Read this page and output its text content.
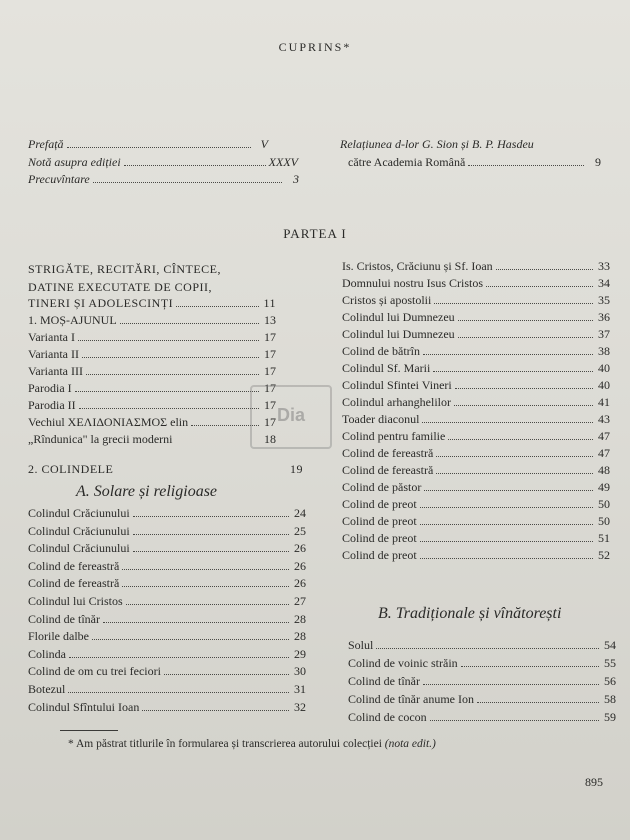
CUPRINS*
Prefață	V
Notă asupra ediției	XXXV
Precuvîntare	3
Relațiunea d-lor G. Sion și B. P. Hasdeu
către Academia Română	9
PARTEA I
STRIGĂTE, RECITĂRI, CÎNTECE,
DATINE EXECUTATE DE COPII,
TINERI ȘI ADOLESCINȚI	11
1. MOȘ-AJUNUL	13
Varianta I	17
Varianta II	17
Varianta III	17
Parodia I	17
Parodia II	17
Vechiul ΧΕΛΙΔΟΝΙΑΣΜΟΣ elin	17
„Rîndunica" la grecii moderni	18
2. COLINDELE	19
A. Solare și religioase
Colindul Crăciunului	24
Colindul Crăciunului	25
Colindul Crăciunului	26
Colind de fereastră	26
Colind de fereastră	26
Colindul lui Cristos	27
Colind de tînăr	28
Florile dalbe	28
Colinda	29
Colind de om cu trei feciori	30
Botezul	31
Colindul Sfîntului Ioan	32
Is. Cristos, Crăciunu și Sf. Ioan	33
Domnului nostru Isus Cristos	34
Cristos și apostolii	35
Colindul lui Dumnezeu	36
Colindul lui Dumnezeu	37
Colind de bătrîn	38
Colindul Sf. Marii	40
Colindul Sfintei Vineri	40
Colindul arhanghelilor	41
Toader diaconul	43
Colind pentru familie	47
Colind de fereastră	47
Colind de fereastră	48
Colind de păstor	49
Colind de preot	50
Colind de preot	50
Colind de preot	51
Colind de preot	52
B. Tradiționale și vînătorești
Solul	54
Colind de voinic străin	55
Colind de tînăr	56
Colind de tînăr anume Ion	58
Colind de cocon	59
* Am păstrat titlurile în formularea și transcrierea autorului colecției (nota edit.)
895
Dia
